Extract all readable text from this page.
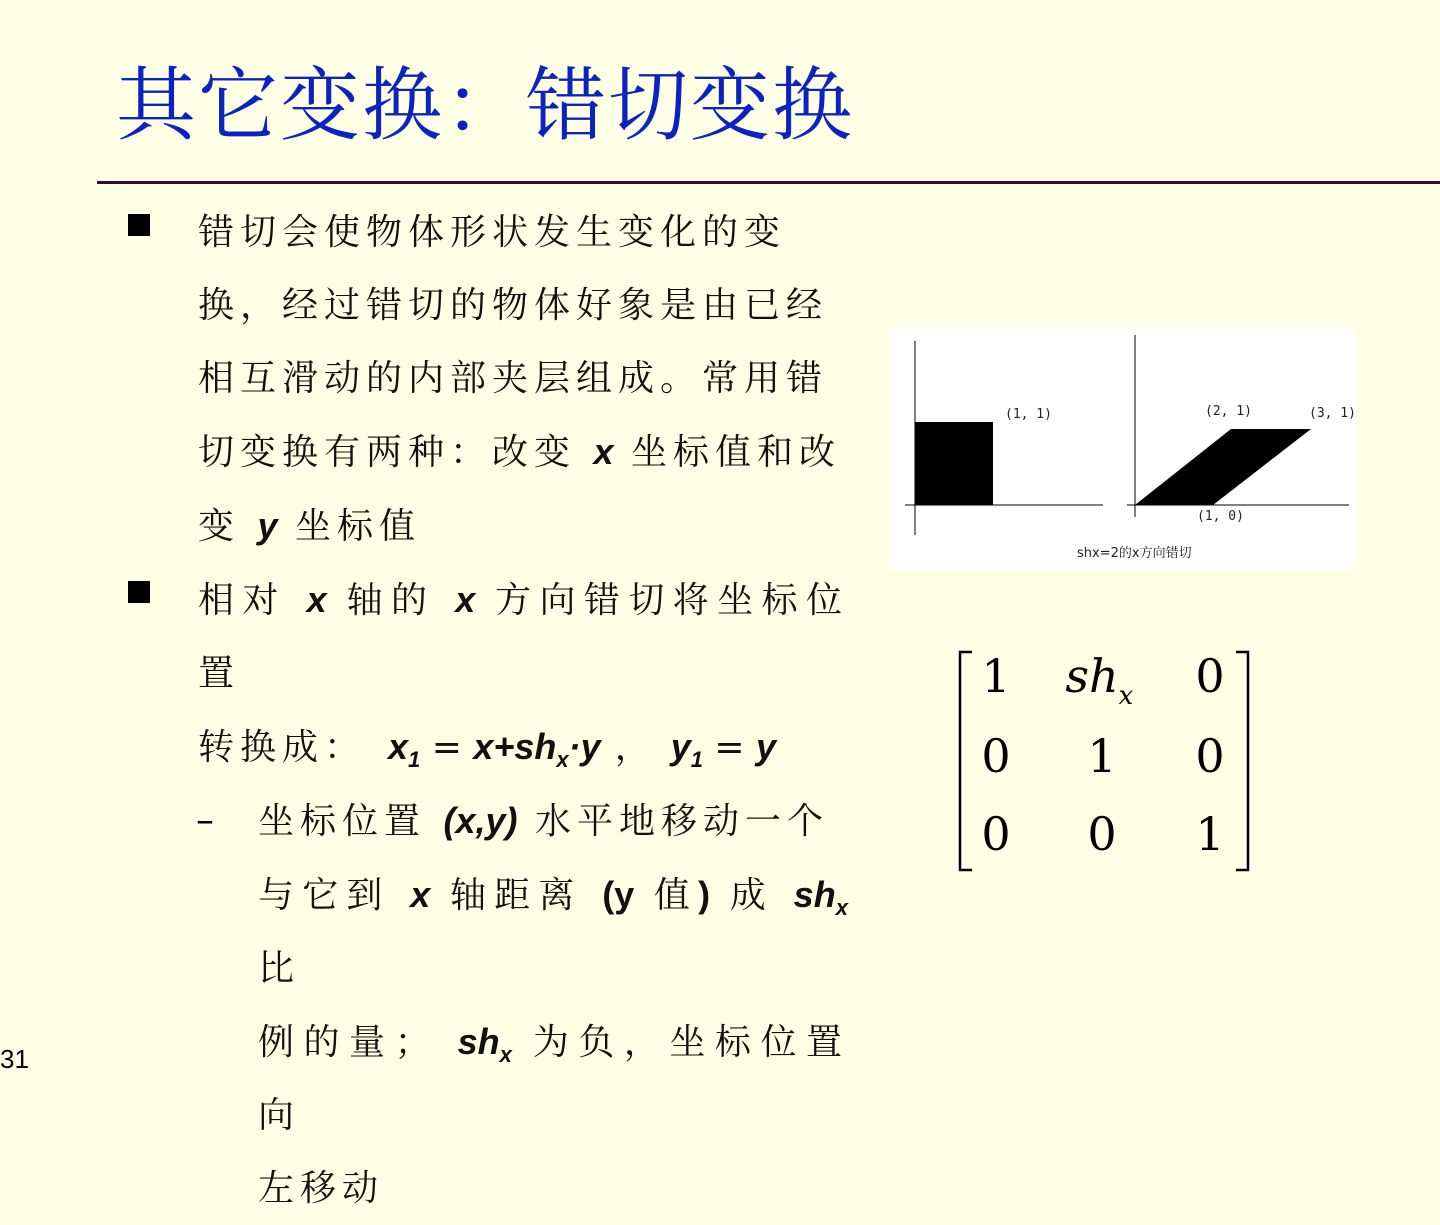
其它变换：错切变换
错切会使物体形状发生变化的变
换，经过错切的物体好象是由已经
相互滑动的内部夹层组成。常用错
切变换有两种：改变 x 坐标值和改
变 y 坐标值
相对 x 轴的 x 方向错切将坐标位置
转换成： $x_1 = x+sh_x\cdot y$ ， $y_1 = y$
– 坐标位置 (x,y) 水平地移动一个
与它到 x 轴距离 (y 值) 成 $sh_x$ 比
例的量； $sh_x$ 为负，坐标位置向
左移动
(1, 1)	(2, 1)	(3, 1)
(1, 0)
shx=2的x方向错切
1 sh x 0
0 1 0
0 0 1
31
